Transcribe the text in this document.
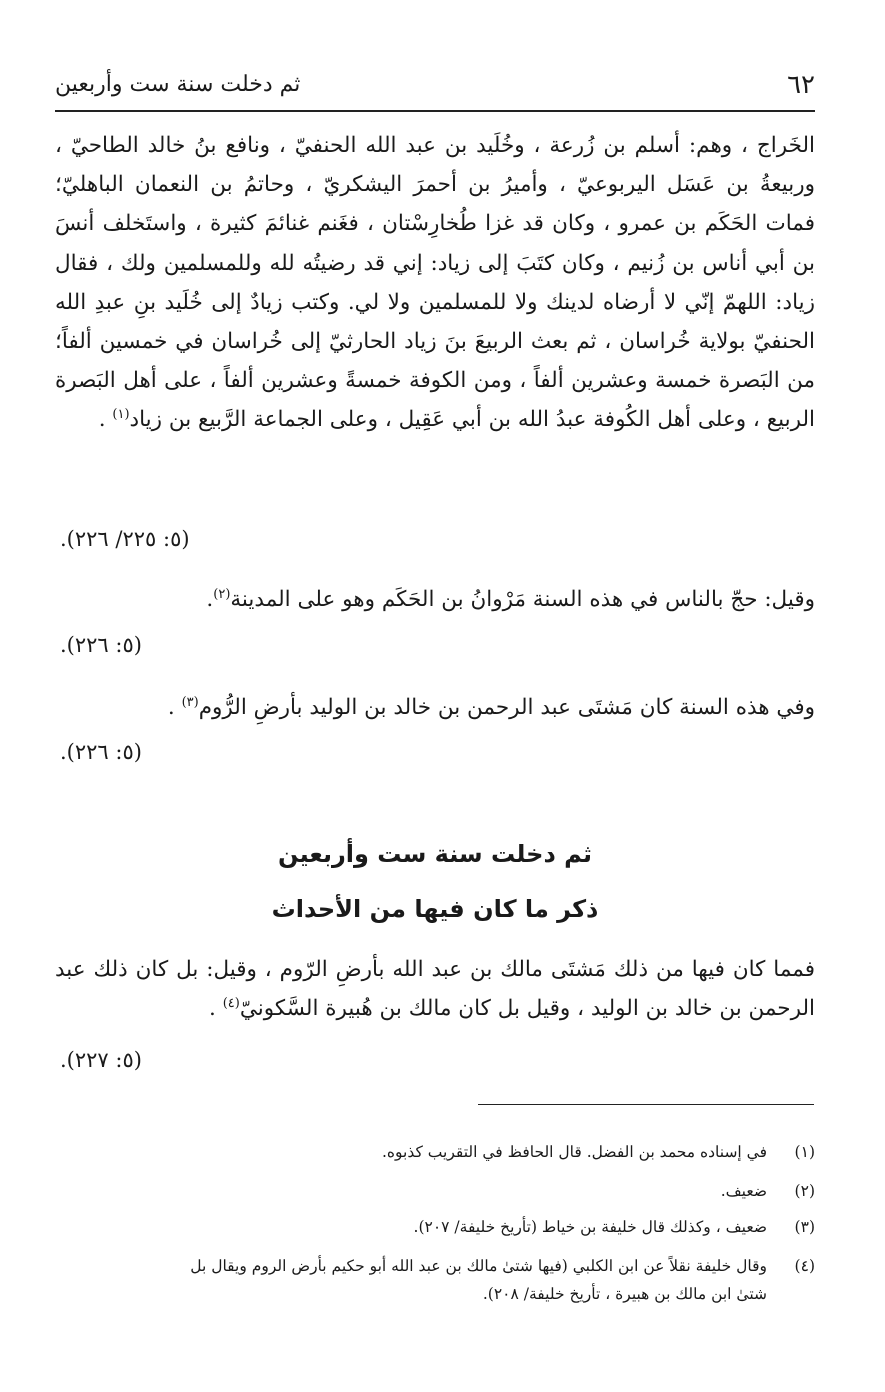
٦٢
ثم دخلت سنة ست وأربعين
الخَراج ، وهم: أسلم بن زُرعة ، وخُلَيد بن عبد الله الحنفيّ ، ونافع بنُ خالد الطاحيّ ، وربيعةُ بن عَسَل اليربوعيّ ، وأميرُ بن أحمرَ اليشكريّ ، وحاتمُ بن النعمان الباهليّ؛ فمات الحَكَم بن عمرو ، وكان قد غزا طُخارِسْتان ، فغَنم غنائمَ كثيرة ، واستَخلف أنسَ بن أبي أناس بن زُنيم ، وكان كتَبَ إلى زياد: إني قد رضيتُه لله وللمسلمين ولك ، فقال زياد: اللهمّ إنّي لا أرضاه لدينك ولا للمسلمين ولا لي. وكتب زيادٌ إلى خُلَيد بنِ عبدِ الله الحنفيّ بولاية خُراسان ، ثم بعث الربيعَ بنَ زياد الحارثيّ إلى خُراسان في خمسين ألفاً؛ من البَصرة خمسة وعشرين ألفاً ، ومن الكوفة خمسةً وعشرين ألفاً ، على أهل البَصرة الربيع ، وعلى أهل الكُوفة عبدُ الله بن أبي عَقِيل ، وعلى الجماعة الرَّبيع بن زياد$^{(١)}$ .
(٥: ٢٢٥/ ٢٢٦).
وقيل: حجّ بالناس في هذه السنة مَرْوانُ بن الحَكَم وهو على المدينة$^{(٢)}$.
(٥: ٢٢٦).
وفي هذه السنة كان مَشتَى عبد الرحمن بن خالد بن الوليد بأرضِ الرُّوم$^{(٣)}$ .
(٥: ٢٢٦).
ثم دخلت سنة ست وأربعين
ذكر ما كان فيها من الأحداث
فمما كان فيها من ذلك مَشتَى مالك بن عبد الله بأرضِ الرّوم ، وقيل: بل كان ذلك عبد الرحمن بن خالد بن الوليد ، وقيل بل كان مالك بن هُبيرة السَّكونيّ$^{(٤)}$ .
(٥: ٢٢٧).
(١)في إسناده محمد بن الفضل. قال الحافظ في التقريب كذبوه.
(٢)ضعيف.
(٣)ضعيف ، وكذلك قال خليفة بن خياط (تأريخ خليفة/ ٢٠٧).
(٤)وقال خليفة نقلاً عن ابن الكلبي (فيها شتىٰ مالك بن عبد الله أبو حكيم بأرض الروم ويقال بل
شتىٰ ابن مالك بن هبيرة ، تأريخ خليفة/ ٢٠٨).
